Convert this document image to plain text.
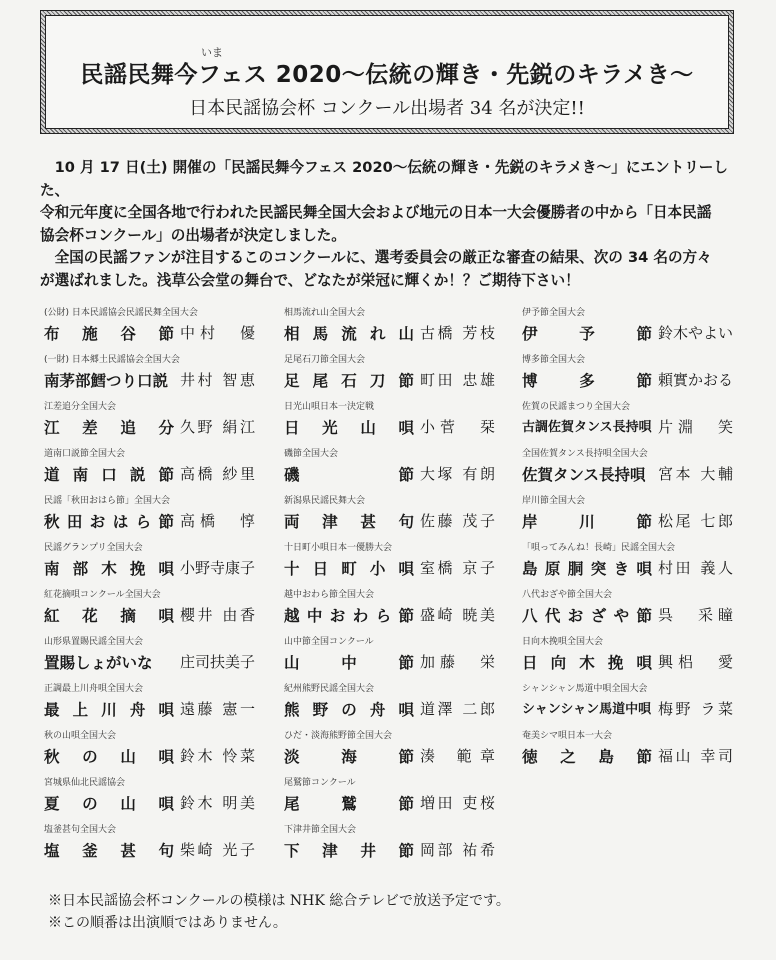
いま
民謡民舞今フェス 2020〜伝統の輝き・先鋭のキラメき〜
日本民謡協会杯 コンクール出場者 34 名が決定!!

10 月 17 日(土) 開催の「民謡民舞今フェス 2020〜伝統の輝き・先鋭のキラメき〜」にエントリーした、

令和元年度に全国各地で行われた民謡民舞全国大会および地元の日本一大会優勝者の中から「日本民謡

協会杯コンクール」の出場者が決定しました。

全国の民謡ファンが注目するこのコンクールに、選考委員会の厳正な審査の結果、次の 34 名の方々

が選ばれました。浅草公会堂の舞台で、どなたが栄冠に輝くか！？ご期待下さい！

(公財) 日本民謡協会民謡民舞全国大会
布施谷節 中村　優
(一財) 日本郷土民謡協会全国大会
南茅部鱈つり口説 井村 智恵
江差追分全国大会
江差追分 久野 絹江
道南口説節全国大会
道南口説節 高橋 紗里
民謡「秋田おはら節」全国大会
秋田おはら節 高橋　惇
民謡グランプリ全国大会
南部木挽唄 小野寺康子
紅花摘唄コンクール全国大会
紅花摘唄 櫻井 由香
山形県置賜民謡全国大会
置賜しょがいな	庄司扶美子
正調最上川舟唄全国大会
最上川舟唄 遠藤 憲一
秋の山唄全国大会
秋の山唄 鈴木 怜菜
宮城県仙北民謡協会
夏の山唄 鈴木 明美
塩釜甚句全国大会
塩釜甚句 柴崎 光子
相馬流れ山全国大会
相馬流れ山 古橋 芳枝
足尾石刀節全国大会
足尾石刀節 町田 忠雄
日光山唄日本一決定戦
日光山唄 小菅　栞
磯節全国大会
磯　節 大塚 有朗
新潟県民謡民舞大会
両津甚句 佐藤 茂子
十日町小唄日本一優勝大会
十日町小唄 室橋 京子
越中おわら節全国大会
越中おわら節 盛崎 暁美
山中節全国コンクール
山中節 加藤　栄
紀州熊野民謡全国大会
熊野の舟唄 道澤 二郎
ひだ・淡海熊野節全国大会
淡海節 湊 範章
尾鷲節コンクール
尾鷲節 増田 吏桜
下津井節全国大会
下津井節 岡部 祐希
伊予節全国大会
伊予節 鈴木やよい
博多節全国大会
博多節 頼實かおる
佐賀の民謡まつり全国大会
古調佐賀タンス長持唄 片淵　笑
全国佐賀タンス長持唄全国大会
佐賀タンス長持唄 宮本 大輔
岸川節全国大会
岸川節 松尾 七郎
「唄ってみんね！長崎」民謡全国大会
島原胴突き唄 村田 義人
八代おざや節全国大会
八代おざや節 呉　采瞳
日向木挽唄全国大会
日向木挽唄 興梠　愛
シャンシャン馬道中唄全国大会
シャンシャン馬道中唄 梅野 ラ菜
奄美シマ唄日本一大会
徳之島節 福山 幸司
※日本民謡協会杯コンクールの模様は NHK 総合テレビで放送予定です。
※この順番は出演順ではありません。
